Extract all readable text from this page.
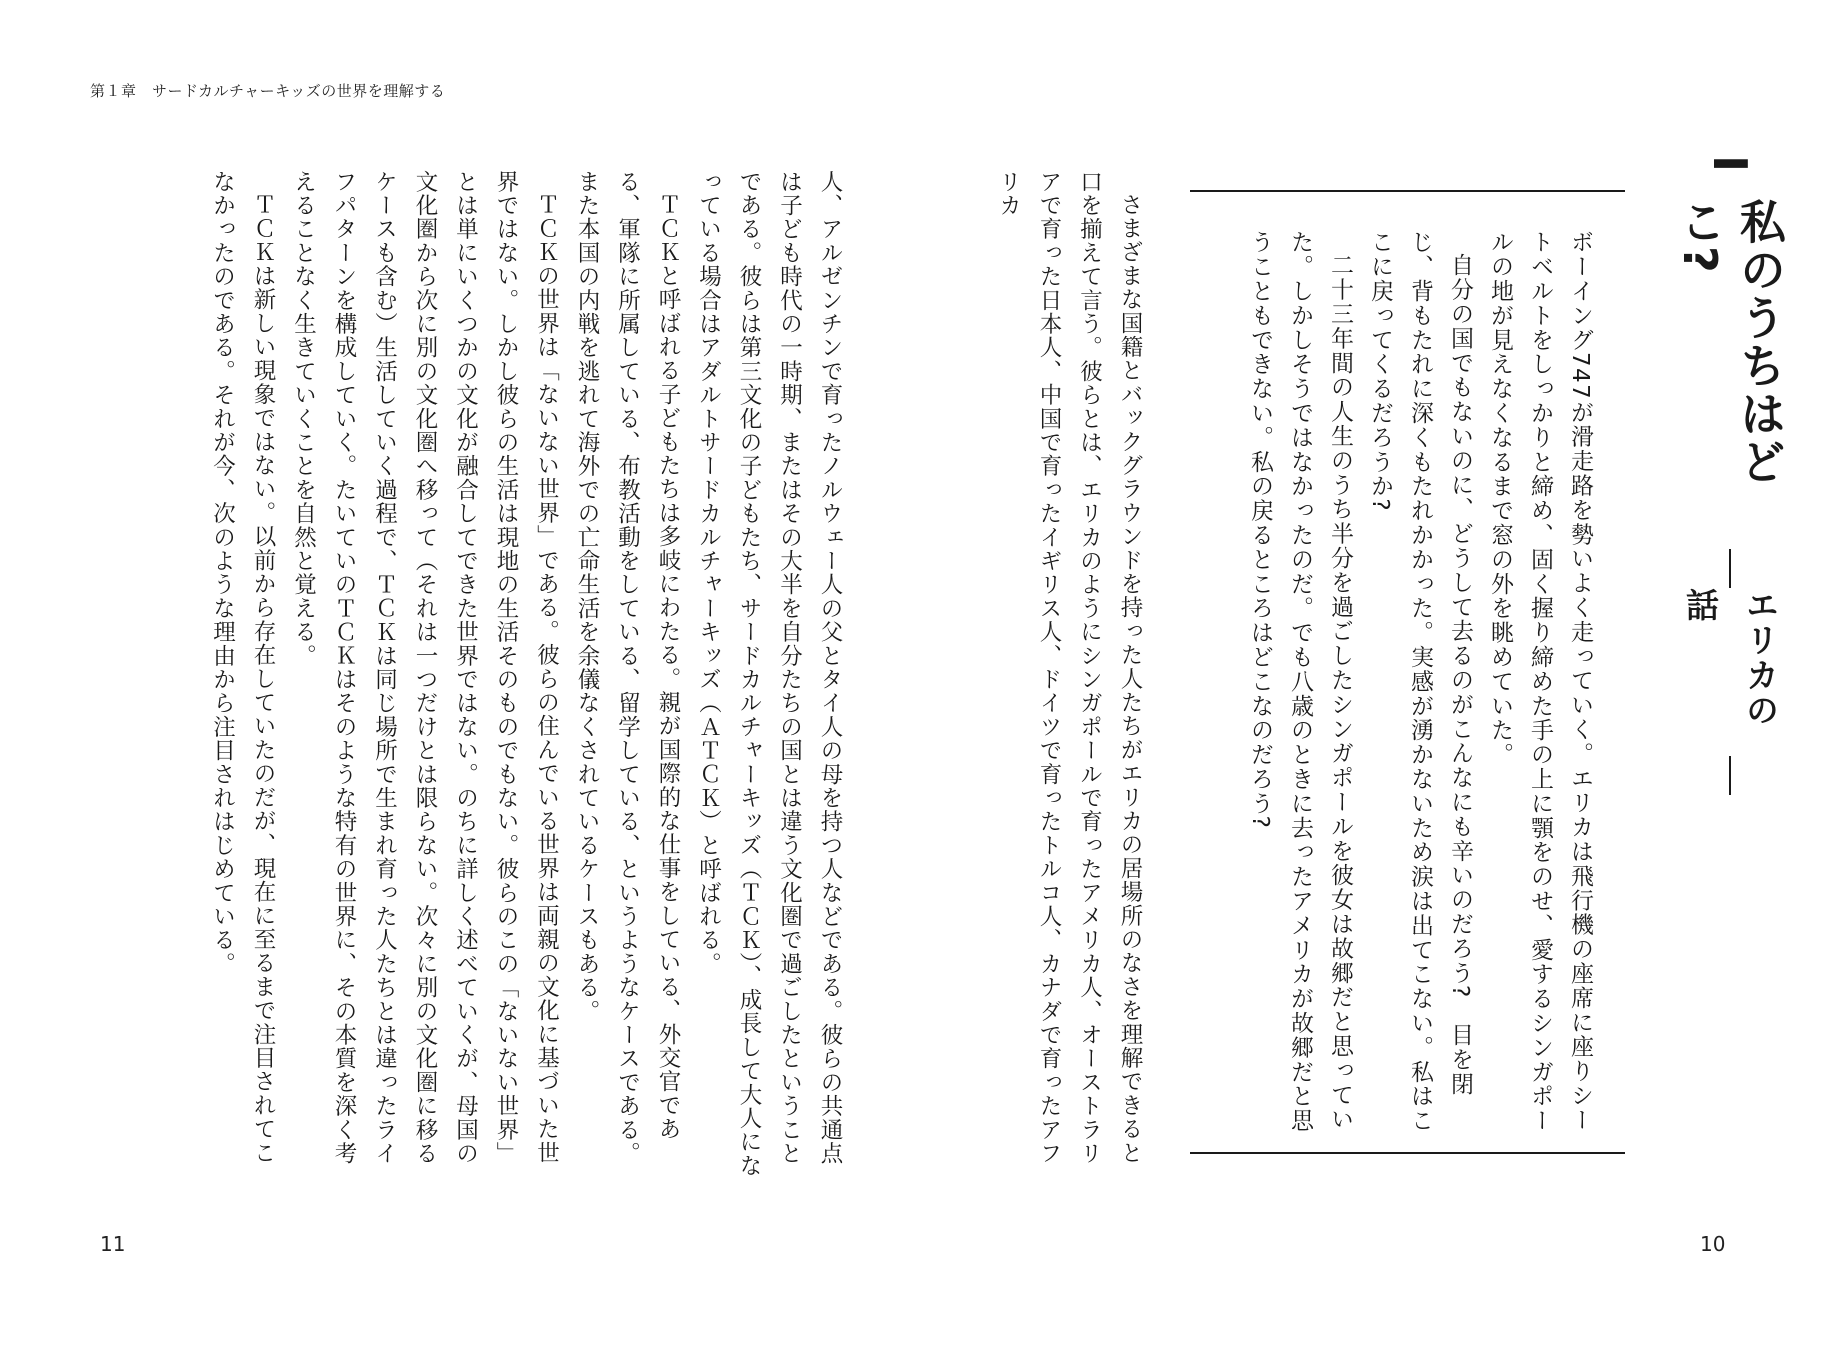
第１章　サードカルチャーキッズの世界を理解する
I
私のうちはどこ?
エリカの話

ボーイング747が滑走路を勢いよく走っていく。エリカは飛行機の座席に座りシートベルトをしっかりと締め、固く握り締めた手の上に顎をのせ、愛するシンガポールの地が見えなくなるまで窓の外を眺めていた。

自分の国でもないのに、どうして去るのがこんなにも辛いのだろう?　目を閉じ、背もたれに深くもたれかかった。実感が湧かないため涙は出てこない。私はここに戻ってくるだろうか?

二十三年間の人生のうち半分を過ごしたシンガポールを彼女は故郷だと思っていた。しかしそうではなかったのだ。でも八歳のときに去ったアメリカが故郷だと思うこともできない。私の戻るところはどこなのだろう?

さまざまな国籍とバックグラウンドを持った人たちがエリカの居場所のなさを理解できると口を揃えて言う。彼らとは、エリカのようにシンガポールで育ったアメリカ人、オーストラリアで育った日本人、中国で育ったイギリス人、ドイツで育ったトルコ人、カナダで育ったアフリカ

人、アルゼンチンで育ったノルウェー人の父とタイ人の母を持つ人などである。彼らの共通点は子ども時代の一時期、またはその大半を自分たちの国とは違う文化圏で過ごしたということである。彼らは第三文化の子どもたち、サードカルチャーキッズ（ＴＣＫ）、成長して大人になっている場合はアダルトサードカルチャーキッズ（ＡＴＣＫ）と呼ばれる。

ＴＣＫと呼ばれる子どもたちは多岐にわたる。親が国際的な仕事をしている、外交官である、軍隊に所属している、布教活動をしている、留学している、というようなケースである。また本国の内戦を逃れて海外での亡命生活を余儀なくされているケースもある。

ＴＣＫの世界は「ないない世界」である。彼らの住んでいる世界は両親の文化に基づいた世界ではない。しかし彼らの生活は現地の生活そのものでもない。彼らのこの「ないない世界」とは単にいくつかの文化が融合してできた世界ではない。のちに詳しく述べていくが、母国の文化圏から次に別の文化圏へ移って（それは一つだけとは限らない。次々に別の文化圏に移るケースも含む）生活していく過程で、ＴＣＫは同じ場所で生まれ育った人たちとは違ったライフパターンを構成していく。たいていのＴＣＫはそのような特有の世界に、その本質を深く考えることなく生きていくことを自然と覚える。

ＴＣＫは新しい現象ではない。以前から存在していたのだが、現在に至るまで注目されてこなかったのである。それが今、次のような理由から注目されはじめている。

11	10
